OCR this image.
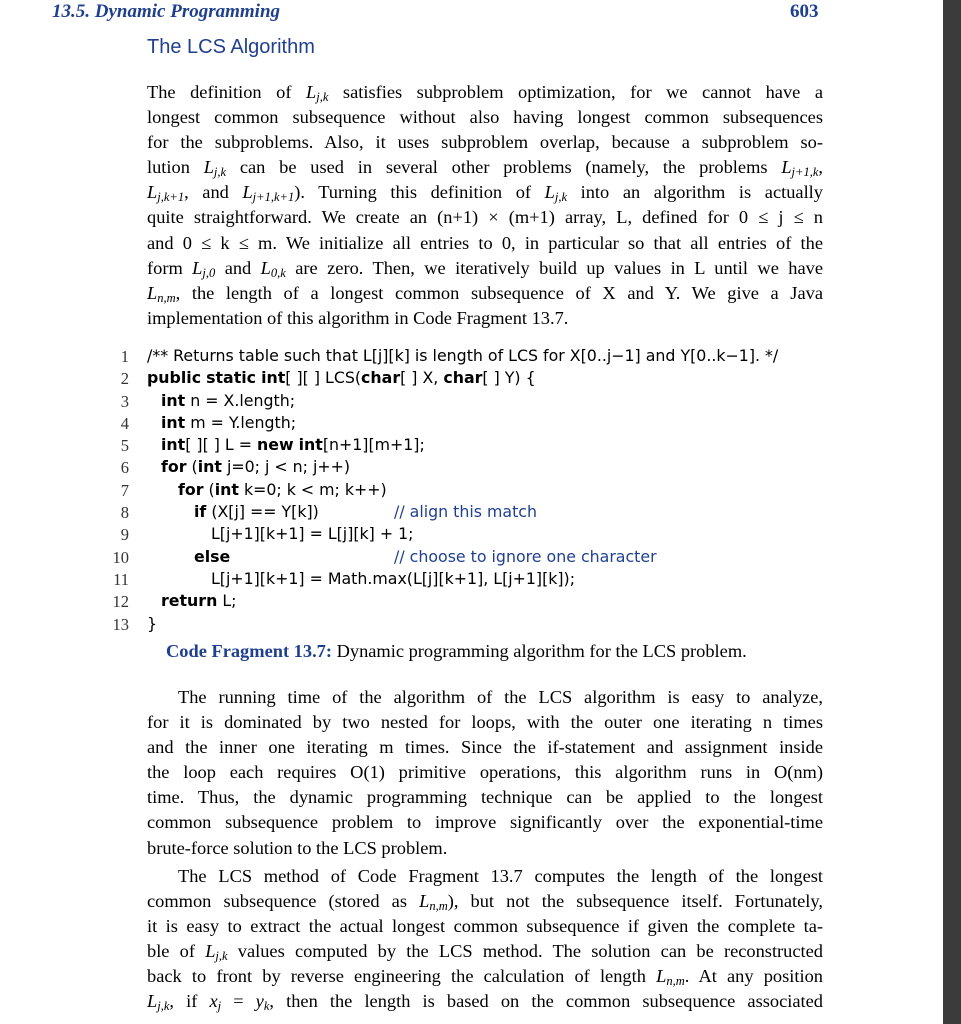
13.5. Dynamic Programming	603
The LCS Algorithm
The definition of $L_{j,k}$ satisfies subproblem optimization, for we cannot have a
longest common subsequence without also having longest common subsequences
for the subproblems. Also, it uses subproblem overlap, because a subproblem so-
lution $L_{j,k}$ can be used in several other problems (namely, the problems $L_{j+1,k}$,
$L_{j,k+1}$, and $L_{j+1,k+1}$). Turning this definition of $L_{j,k}$ into an algorithm is actually
quite straightforward. We create an (n+1) × (m+1) array, L, defined for 0 ≤ j ≤ n
and 0 ≤ k ≤ m. We initialize all entries to 0, in particular so that all entries of the
form $L_{j,0}$ and $L_{0,k}$ are zero. Then, we iteratively build up values in L until we have
$L_{n,m}$, the length of a longest common subsequence of X and Y. We give a Java
implementation of this algorithm in Code Fragment 13.7.
1 /** Returns table such that L[j][k] is length of LCS for X[0..j−1] and Y[0..k−1]. */
2 public static int[ ][ ] LCS(char[ ] X, char[ ] Y) {
3 int n = X.length;
4 int m = Y.length;
5 int[ ][ ] L = new int[n+1][m+1];
6 for (int j=0; j < n; j++)
7	for (int k=0; k < m; k++)
8	if (X[j] == Y[k])	// align this match
9	L[j+1][k+1] = L[j][k] + 1;
10	else	// choose to ignore one character
11	L[j+1][k+1] = Math.max(L[j][k+1], L[j+1][k]);
12 return L;
13 }
Code Fragment 13.7: Dynamic programming algorithm for the LCS problem.
The running time of the algorithm of the LCS algorithm is easy to analyze,
for it is dominated by two nested for loops, with the outer one iterating n times
and the inner one iterating m times. Since the if-statement and assignment inside
the loop each requires O(1) primitive operations, this algorithm runs in O(nm)
time. Thus, the dynamic programming technique can be applied to the longest
common subsequence problem to improve significantly over the exponential-time
brute-force solution to the LCS problem.
The LCS method of Code Fragment 13.7 computes the length of the longest
common subsequence (stored as $L_{n,m}$), but not the subsequence itself. Fortunately,
it is easy to extract the actual longest common subsequence if given the complete ta-
ble of $L_{j,k}$ values computed by the LCS method. The solution can be reconstructed
back to front by reverse engineering the calculation of length $L_{n,m}$. At any position
$L_{j,k}$, if $x_j = y_k$, then the length is based on the common subsequence associated
